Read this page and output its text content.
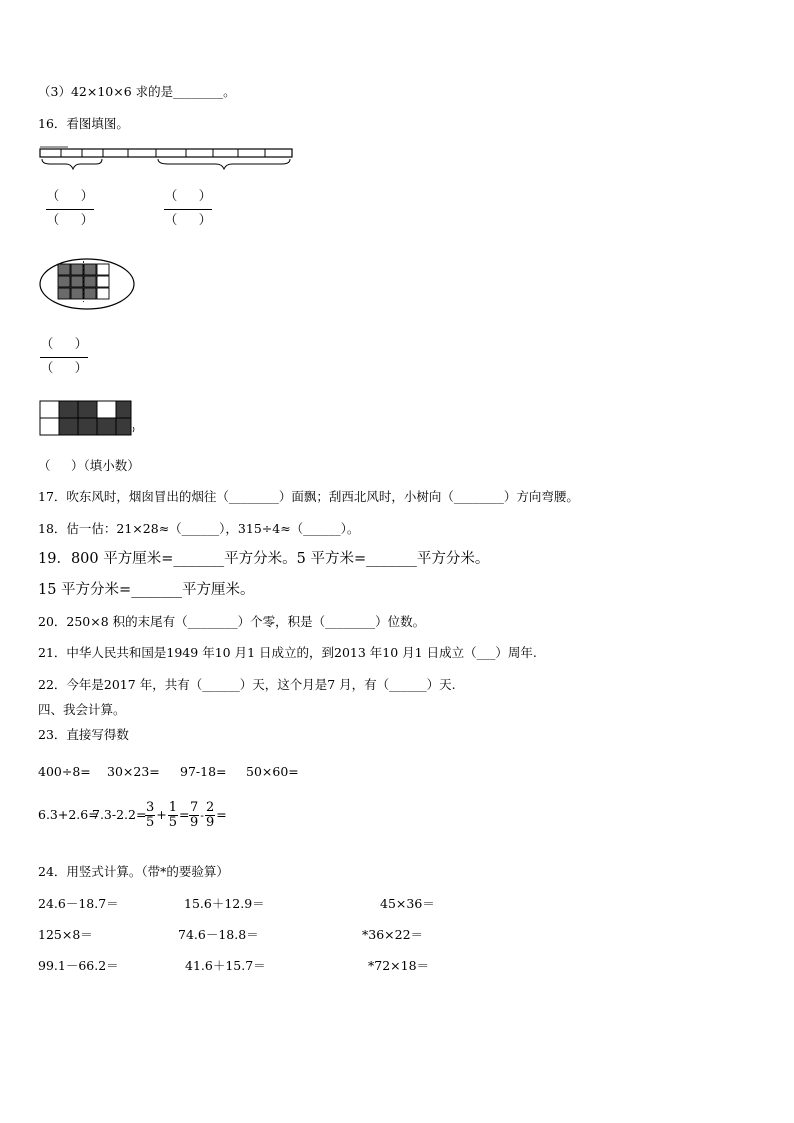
（3）42×10×6 求的是________。
16．看图填图。
（ 　 ）
（ 　 ）
（ 　 ）
（ 　 ）
（ 　 ）
（ 　 ）
（ 　 ）（填小数）
17．吹东风时，烟囱冒出的烟往（________）面飘；刮西北风时，小树向（________）方向弯腰。
18．估一估：21×28≈（______），315÷4≈（______）。
19．800 平方厘米=_______平方分米。5 平方米=_______平方分米。
15 平方分米=_______平方厘米。
20．250×8 积的末尾有（________）个零，积是（________）位数。
21．中华人民共和国是1949 年10 月1 日成立的，到2013 年10 月1 日成立（___）周年.
22．今年是2017 年，共有（______）天，这个月是7 月，有（______）天.
四、我会计算。
23．直接写得数
400÷8= 30×23= 97-18= 50×60=
6.3+2.6=
7.3-2.2=
$\frac{3}{5} + \frac{1}{5} = \frac{7}{9} - \frac{2}{9}$ =
24．用竖式计算。（带*的要验算）
24.6－18.7＝	15.6＋12.9＝	45×36＝
125×8＝	74.6－18.8＝	*36×22＝
99.1－66.2＝	41.6＋15.7＝	*72×18＝
